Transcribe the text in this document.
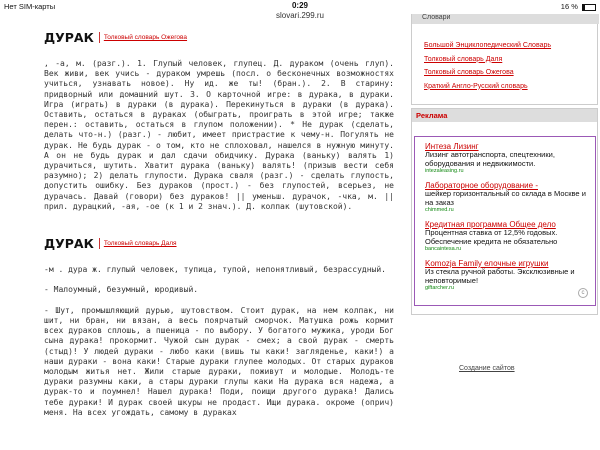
Нет SIM-карты	0:29	16 %
slovari.299.ru
ДУРАК Толковый словарь Ожегова

, -а, м. (разг.). 1. Глупый человек, глупец. Д. дураком (очень глуп). Век живи, век учись - дураком умрешь (посл. о бесконечных возможностях учиться, узнавать новое). Ну ид. же ты! (бран.). 2. В старину: придворный или домашний шут. 3. О карточной игре: в дурака, в дураки. Игра (играть) в дураки (в дурака). Перекинуться в дураки (в дурака). Оставить, остаться в дураках (обыграть, проиграть в этой игре; также перен.: оставить, остаться в глупом положении). * Не дурак (сделать, делать что-н.) (разг.) - любит, имеет пристрастие к чему-н. Погулять не дурак. Не будь дурак - о том, кто не сплоховал, нашелся в нужную минуту. А он не будь дурак и дал сдачи обидчику. Дурака (ваньку) валять 1) дурачиться, шутить. Хватит дурака (ваньку) валять! (призыв вести себя разумно); 2) делать глупости. Дурака сваля (разг.) - сделать глупость, допустить ошибку. Без дураков (прост.) - без глупостей, всерьез, не дурачась. Давай (говори) без дураков! || уменьш. дурачок, -чка, м. || прил. дурацкий, -ая, -ое (к 1 и 2 знач.). Д. колпак (шутовской).

ДУРАК Толковый словарь Даля

-м . дура ж. глупый человек, тупица, тупой, непонятливый, безрассудный.

- Малоумный, безумный, юродивый.

- Шут, промышляющий дурью, шутовством. Стоит дурак, на нем колпак, ни шит, ни бран, ни вязан, а весь поярчатый сморчок. Матушка рожь кормит всех дураков сплошь, а пшеница - по выбору. У богатого мужика, уроди Бог сына дурака! прокормит. Чужой сын дурак - смех; а свой дурак - смерть (стыд)! У людей дураки - любо каки (вишь ты каки! загляденье, каки!) а наши дураки - вона каки! Старые дураки глупее молодых. От старых дураков молодым житья нет. Жили старые дураки, поживут и молодые. Молодъ-те дураки разумны каки, а стары дураки глупы каки На дурака вся надежа, а дурак-то и поумнел! Нашел дурака! Поди, поищи другого дурака! Дались тебе дураки! И дурак своей шкуры не продаст. Ищи дурака. окроме (оприч) меня. На всех угождать, самому в дураках

Словари
Большой Энциклопедический Словарь
Толковый словарь Даля
Толковый словарь Ожегова
Краткий Англо-Русский словарь
Реклама
Интеза Лизинг
Лизинг автотранспорта, спецтехники, оборудования и недвижимости.
intezaleasing.ru
Лабораторное оборудование -
шейкер горизонтальный со склада в Москве и на заказ
chimmed.ru
Кредитная программа Общее дело
Процентная ставка от 12,5% годовых. Обеспечение кредита не обязательно
bancaintesa.ru
Komozja Family елочные игрушки
Из стекла ручной работы. Эксклюзивные и неповторимые!
giftarcher.ru
c
Создание сайтов
